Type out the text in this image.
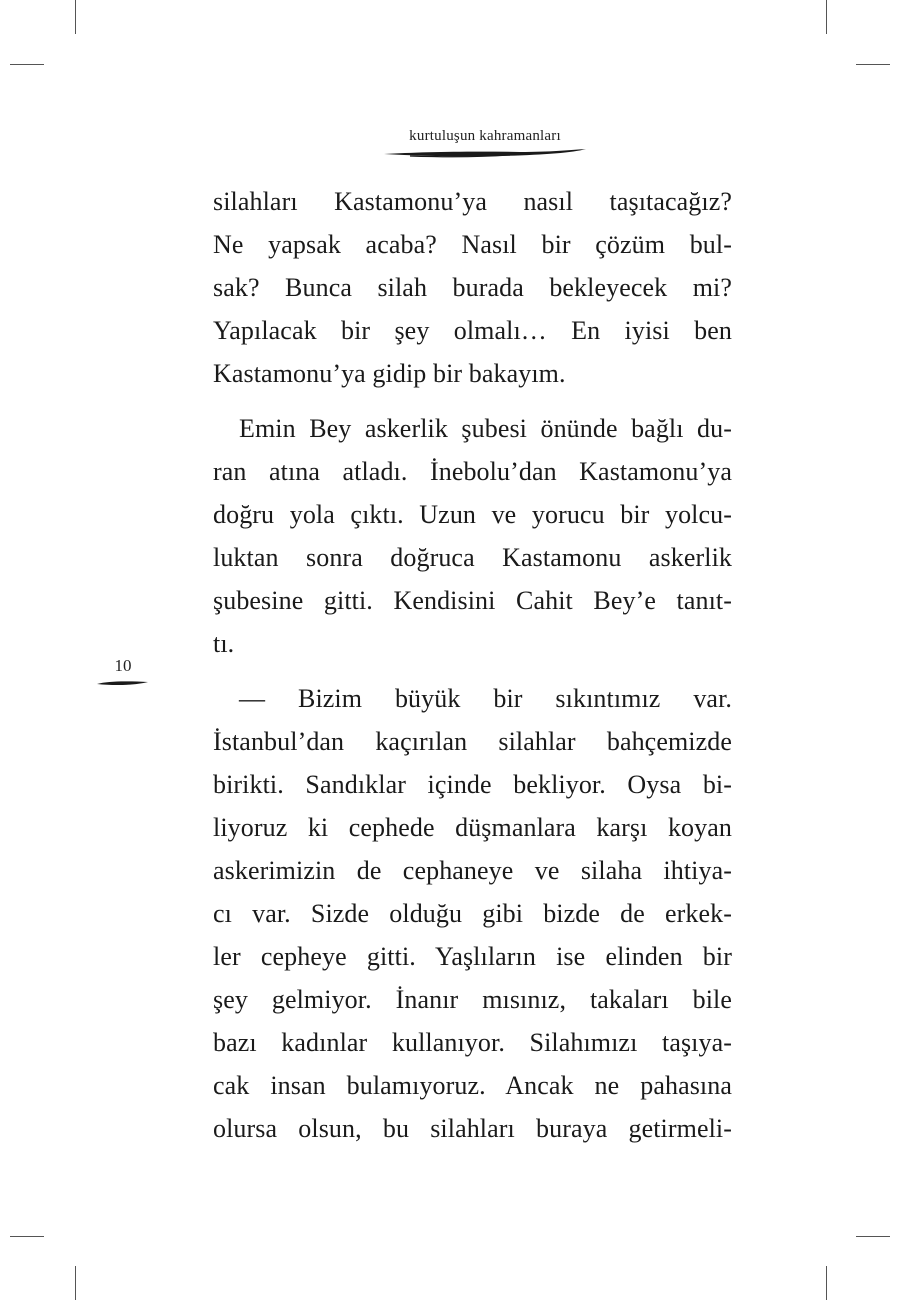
kurtuluşun kahramanları
10
silahları Kastamonu’ya nasıl taşıtacağız?
Ne yapsak acaba? Nasıl bir çözüm bul-
sak? Bunca silah burada bekleyecek mi?
Yapılacak bir şey olmalı… En iyisi ben
Kastamonu’ya gidip bir bakayım.
Emin Bey askerlik şubesi önünde bağlı du-
ran atına atladı. İnebolu’dan Kastamonu’ya
doğru yola çıktı. Uzun ve yorucu bir yolcu-
luktan sonra doğruca Kastamonu askerlik
şubesine gitti. Kendisini Cahit Bey’e tanıt-
tı.
— Bizim büyük bir sıkıntımız var.
İstanbul’dan kaçırılan silahlar bahçemizde
birikti. Sandıklar içinde bekliyor. Oysa bi-
liyoruz ki cephede düşmanlara karşı koyan
askerimizin de cephaneye ve silaha ihtiya-
cı var. Sizde olduğu gibi bizde de erkek-
ler cepheye gitti. Yaşlıların ise elinden bir
şey gelmiyor. İnanır mısınız, takaları bile
bazı kadınlar kullanıyor. Silahımızı taşıya-
cak insan bulamıyoruz. Ancak ne pahasına
olursa olsun, bu silahları buraya getirmeli-
